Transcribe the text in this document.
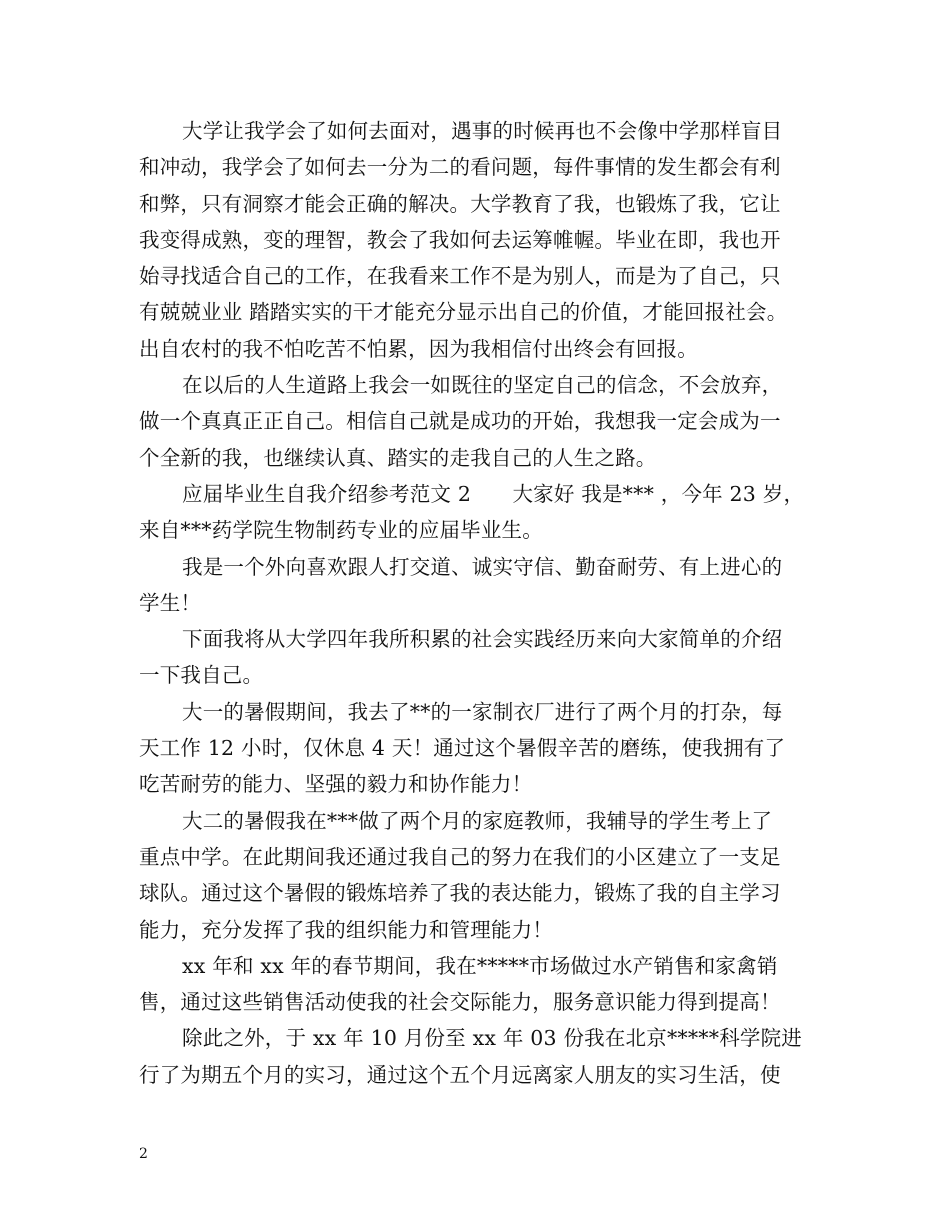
大学让我学会了如何去面对，遇事的时候再也不会像中学那样盲目
和冲动，我学会了如何去一分为二的看问题，每件事情的发生都会有利
和弊，只有洞察才能会正确的解决。大学教育了我，也锻炼了我，它让
我变得成熟，变的理智，教会了我如何去运筹帷幄。毕业在即，我也开
始寻找适合自己的工作，在我看来工作不是为别人，而是为了自己，只
有兢兢业业 踏踏实实的干才能充分显示出自己的价值，才能回报社会。
出自农村的我不怕吃苦不怕累，因为我相信付出终会有回报。
在以后的人生道路上我会一如既往的坚定自己的信念，不会放弃，
做一个真真正正自己。相信自己就是成功的开始，我想我一定会成为一
个全新的我，也继续认真、踏实的走我自己的人生之路。
应届毕业生自我介绍参考范文 2　　大家好 我是*** ，今年 23 岁，
来自***药学院生物制药专业的应届毕业生。
我是一个外向喜欢跟人打交道、诚实守信、勤奋耐劳、有上进心的
学生！
下面我将从大学四年我所积累的社会实践经历来向大家简单的介绍
一下我自己。
大一的暑假期间，我去了**的一家制衣厂进行了两个月的打杂，每
天工作 12 小时，仅休息 4 天！通过这个暑假辛苦的磨练，使我拥有了
吃苦耐劳的能力、坚强的毅力和协作能力！
大二的暑假我在***做了两个月的家庭教师，我辅导的学生考上了
重点中学。在此期间我还通过我自己的努力在我们的小区建立了一支足
球队。通过这个暑假的锻炼培养了我的表达能力，锻炼了我的自主学习
能力，充分发挥了我的组织能力和管理能力！
xx 年和 xx 年的春节期间，我在*****市场做过水产销售和家禽销
售，通过这些销售活动使我的社会交际能力，服务意识能力得到提高！
除此之外，于 xx 年 10 月份至 xx 年 03 份我在北京*****科学院进
行了为期五个月的实习，通过这个五个月远离家人朋友的实习生活，使
2
